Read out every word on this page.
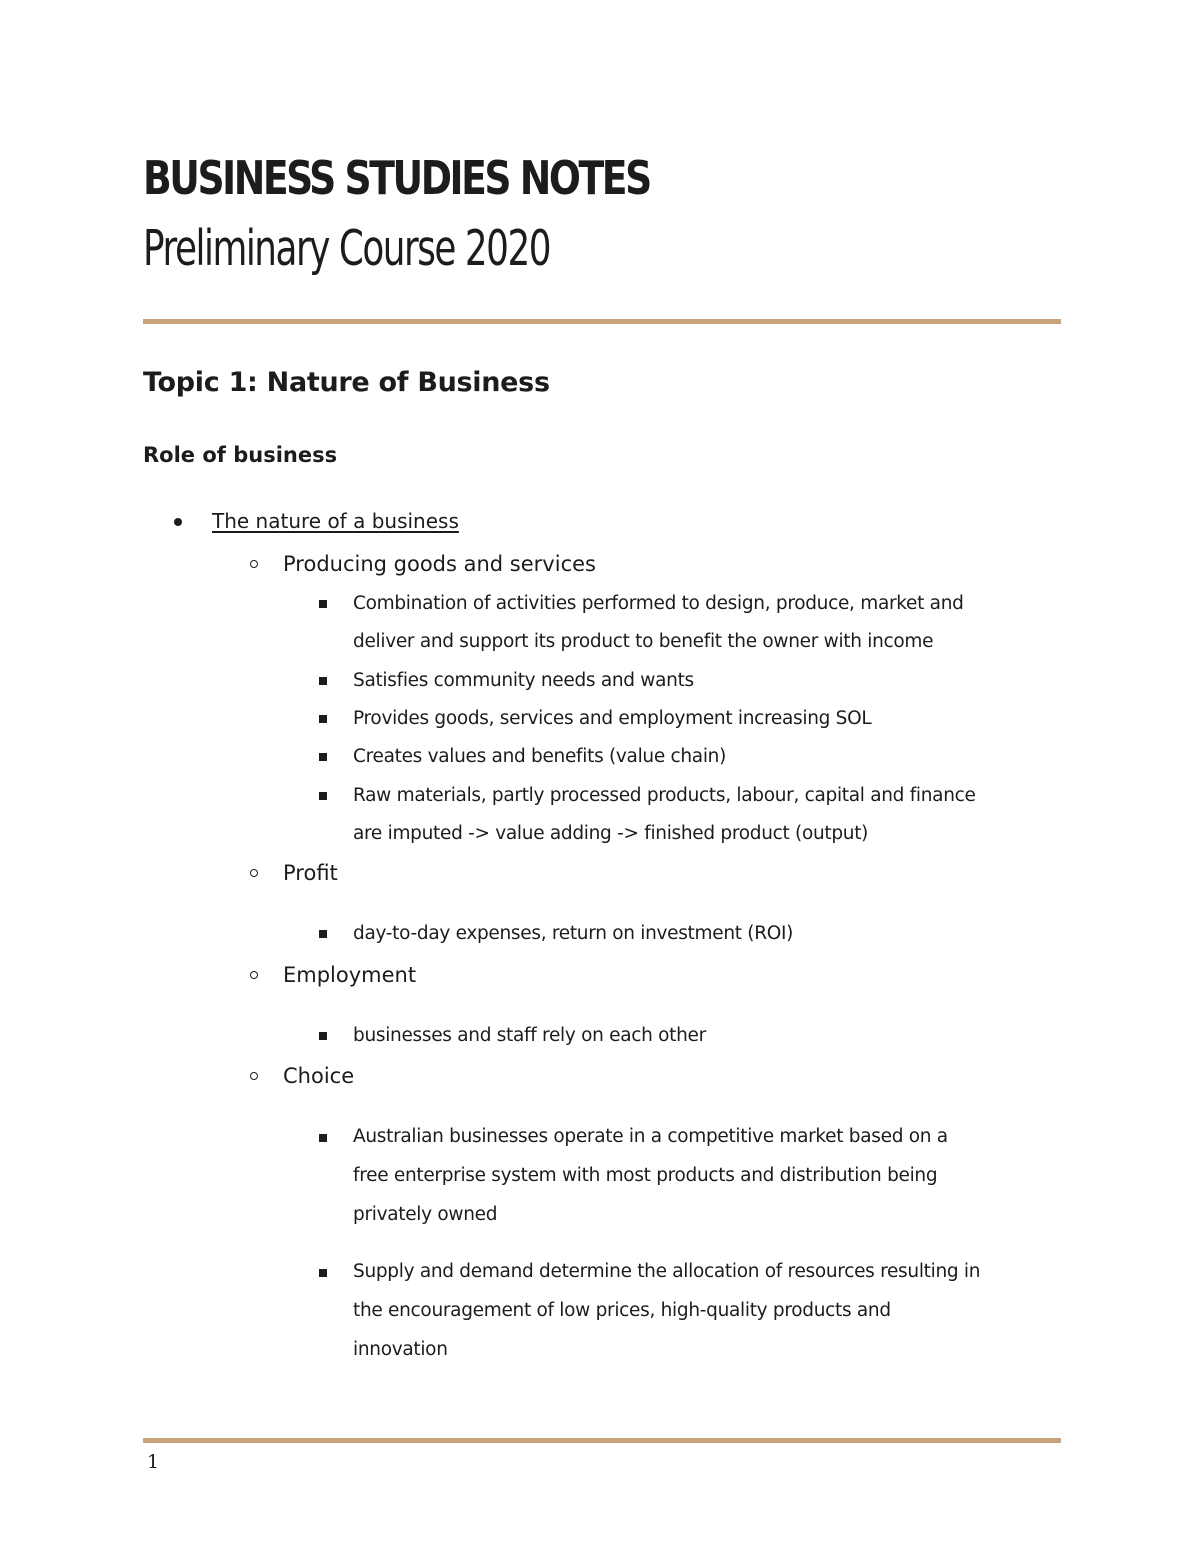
BUSINESS STUDIES NOTES
Preliminary Course 2020
Topic 1: Nature of Business
Role of business
The nature of a business
Producing goods and services
Combination of activities performed to design, produce, market and
deliver and support its product to benefit the owner with income
Satisfies community needs and wants
Provides goods, services and employment increasing SOL
Creates values and benefits (value chain)
Raw materials, partly processed products, labour, capital and finance
are imputed -> value adding -> finished product (output)
Profit
day-to-day expenses, return on investment (ROI)
Employment
businesses and staff rely on each other
Choice
Australian businesses operate in a competitive market based on a
free enterprise system with most products and distribution being
privately owned
Supply and demand determine the allocation of resources resulting in
the encouragement of low prices, high-quality products and
innovation
1
